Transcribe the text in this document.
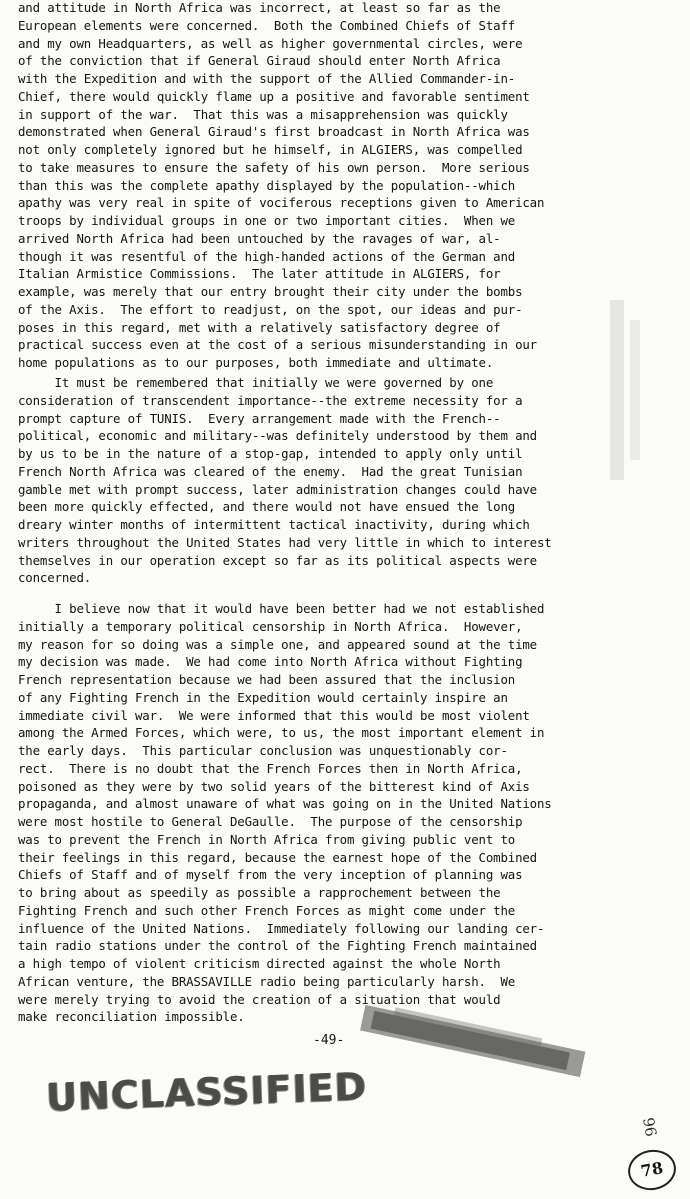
and attitude in North Africa was incorrect, at least so far as the
European elements were concerned.  Both the Combined Chiefs of Staff
and my own Headquarters, as well as higher governmental circles, were
of the conviction that if General Giraud should enter North Africa
with the Expedition and with the support of the Allied Commander-in-
Chief, there would quickly flame up a positive and favorable sentiment
in support of the war.  That this was a misapprehension was quickly
demonstrated when General Giraud's first broadcast in North Africa was
not only completely ignored but he himself, in ALGIERS, was compelled
to take measures to ensure the safety of his own person.  More serious
than this was the complete apathy displayed by the population--which
apathy was very real in spite of vociferous receptions given to American
troops by individual groups in one or two important cities.  When we
arrived North Africa had been untouched by the ravages of war, al-
though it was resentful of the high-handed actions of the German and
Italian Armistice Commissions.  The later attitude in ALGIERS, for
example, was merely that our entry brought their city under the bombs
of the Axis.  The effort to readjust, on the spot, our ideas and pur-
poses in this regard, met with a relatively satisfactory degree of
practical success even at the cost of a serious misunderstanding in our
home populations as to our purposes, both immediate and ultimate.
It must be remembered that initially we were governed by one
consideration of transcendent importance--the extreme necessity for a
prompt capture of TUNIS.  Every arrangement made with the French--
political, economic and military--was definitely understood by them and
by us to be in the nature of a stop-gap, intended to apply only until
French North Africa was cleared of the enemy.  Had the great Tunisian
gamble met with prompt success, later administration changes could have
been more quickly effected, and there would not have ensued the long
dreary winter months of intermittent tactical inactivity, during which
writers throughout the United States had very little in which to interest
themselves in our operation except so far as its political aspects were
concerned.
I believe now that it would have been better had we not established
initially a temporary political censorship in North Africa.  However,
my reason for so doing was a simple one, and appeared sound at the time
my decision was made.  We had come into North Africa without Fighting
French representation because we had been assured that the inclusion
of any Fighting French in the Expedition would certainly inspire an
immediate civil war.  We were informed that this would be most violent
among the Armed Forces, which were, to us, the most important element in
the early days.  This particular conclusion was unquestionably cor-
rect.  There is no doubt that the French Forces then in North Africa,
poisoned as they were by two solid years of the bitterest kind of Axis
propaganda, and almost unaware of what was going on in the United Nations
were most hostile to General DeGaulle.  The purpose of the censorship
was to prevent the French in North Africa from giving public vent to
their feelings in this regard, because the earnest hope of the Combined
Chiefs of Staff and of myself from the very inception of planning was
to bring about as speedily as possible a rapprochement between the
Fighting French and such other French Forces as might come under the
influence of the United Nations.  Immediately following our landing cer-
tain radio stations under the control of the Fighting French maintained
a high tempo of violent criticism directed against the whole North
African venture, the BRASSAVILLE radio being particularly harsh.  We
were merely trying to avoid the creation of a situation that would
make reconciliation impossible.
-49-
UNCLASSIFIED
96
78
